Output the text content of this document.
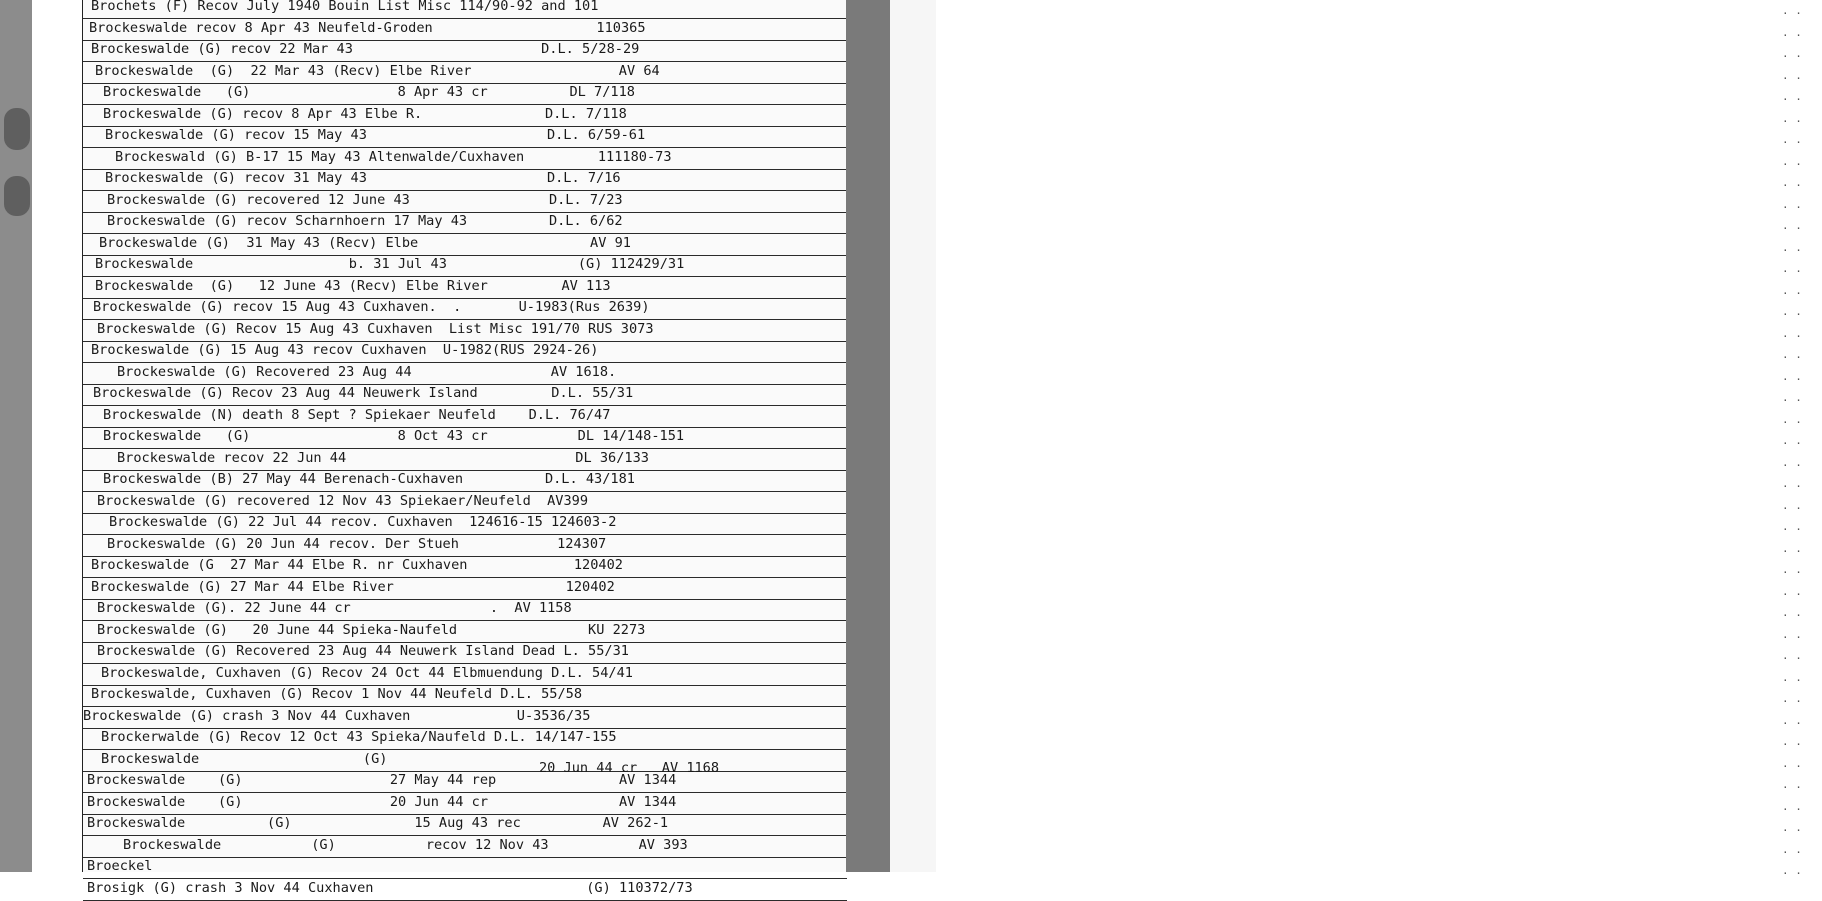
Brochets (F) Recov July 1940 Bouin List Misc 114/90-92 and 101
Brockeswalde recov 8 Apr 43 Neufeld-Groden                    110365
Brockeswalde (G) recov 22 Mar 43                       D.L. 5/28-29
Brockeswalde  (G)  22 Mar 43 (Recv) Elbe River                  AV 64
Brockeswalde   (G)                  8 Apr 43 cr          DL 7/118
Brockeswalde (G) recov 8 Apr 43 Elbe R.               D.L. 7/118
Brockeswalde (G) recov 15 May 43                      D.L. 6/59-61
Brockeswald (G) B-17 15 May 43 Altenwalde/Cuxhaven         111180-73
Brockeswalde (G) recov 31 May 43                      D.L. 7/16
Brockeswalde (G) recovered 12 June 43                 D.L. 7/23
Brockeswalde (G) recov Scharnhoern 17 May 43          D.L. 6/62
Brockeswalde (G)  31 May 43 (Recv) Elbe                     AV 91
Brockeswalde                   b. 31 Jul 43                (G) 112429/31
Brockeswalde  (G)   12 June 43 (Recv) Elbe River         AV 113
Brockeswalde (G) recov 15 Aug 43 Cuxhaven.  .       U-1983(Rus 2639)
Brockeswalde (G) Recov 15 Aug 43 Cuxhaven  List Misc 191/70 RUS 3073
Brockeswalde (G) 15 Aug 43 recov Cuxhaven  U-1982(RUS 2924-26)
Brockeswalde (G) Recovered 23 Aug 44                 AV 1618.
Brockeswalde (G) Recov 23 Aug 44 Neuwerk Island         D.L. 55/31
Brockeswalde (N) death 8 Sept ? Spiekaer Neufeld    D.L. 76/47
Brockeswalde   (G)                  8 Oct 43 cr           DL 14/148-151
Brockeswalde recov 22 Jun 44                            DL 36/133
Brockeswalde (B) 27 May 44 Berenach-Cuxhaven          D.L. 43/181
Brockeswalde (G) recovered 12 Nov 43 Spiekaer/Neufeld  AV399
Brockeswalde (G) 22 Jul 44 recov. Cuxhaven  124616-15 124603-2
Brockeswalde (G) 20 Jun 44 recov. Der Stueh            124307
Brockeswalde (G  27 Mar 44 Elbe R. nr Cuxhaven             120402
Brockeswalde (G) 27 Mar 44 Elbe River                     120402
Brockeswalde (G). 22 June 44 cr                 .  AV 1158
Brockeswalde (G)   20 June 44 Spieka-Naufeld                KU 2273
Brockeswalde (G) Recovered 23 Aug 44 Neuwerk Island Dead L. 55/31
Brockeswalde, Cuxhaven (G) Recov 24 Oct 44 Elbmuendung D.L. 54/41
Brockeswalde, Cuxhaven (G) Recov 1 Nov 44 Neufeld D.L. 55/58
Brockeswalde (G) crash 3 Nov 44 Cuxhaven             U-3536/35
Brockerwalde (G) Recov 12 Oct 43 Spieka/Naufeld D.L. 14/147-155
Brockeswalde                    (G)
20 Jun 44 cr   AV 1168
Brockeswalde    (G)                  27 May 44 rep               AV 1344
Brockeswalde    (G)                  20 Jun 44 cr                AV 1344
Brockeswalde          (G)               15 Aug 43 rec          AV 262-1
Brockeswalde           (G)           recov 12 Nov 43           AV 393
Broeckel
Brosigk (G) crash 3 Nov 44 Cuxhaven                          (G) 110372/73
. .
. .
. .
. .
. .
. .
. .
. .
. .
. .
. .
. .
. .
. .
. .
. .
. .
. .
. .
. .
. .
. .
. .
. .
. .
. .
. .
. .
. .
. .
. .
. .
. .
. .
. .
. .
. .
. .
. .
. .
. .
